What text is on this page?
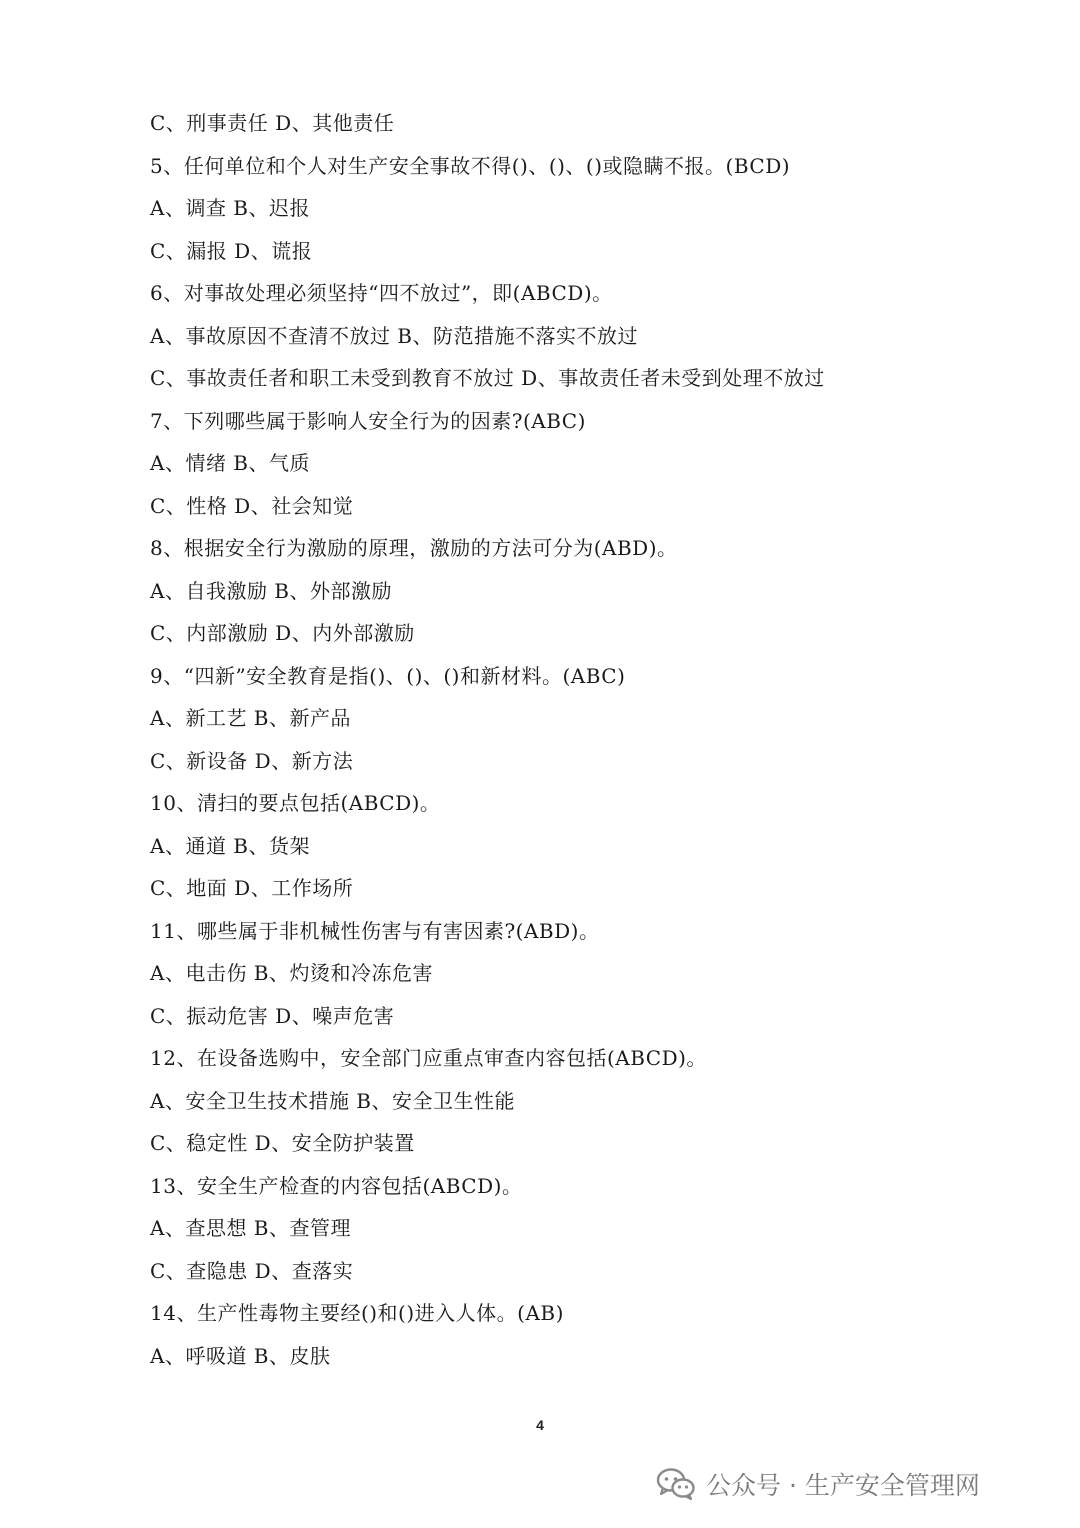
C、刑事责任 D、其他责任
5、任何单位和个人对生产安全事故不得()、()、()或隐瞒不报。(BCD)
A、调查 B、迟报
C、漏报 D、谎报
6、对事故处理必须坚持“四不放过”，即(ABCD)。
A、事故原因不查清不放过 B、防范措施不落实不放过
C、事故责任者和职工未受到教育不放过 D、事故责任者未受到处理不放过
7、下列哪些属于影响人安全行为的因素?(ABC)
A、情绪 B、气质
C、性格 D、社会知觉
8、根据安全行为激励的原理，激励的方法可分为(ABD)。
A、自我激励 B、外部激励
C、内部激励 D、内外部激励
9、“四新”安全教育是指()、()、()和新材料。(ABC)
A、新工艺 B、新产品
C、新设备 D、新方法
10、清扫的要点包括(ABCD)。
A、通道 B、货架
C、地面 D、工作场所
11、哪些属于非机械性伤害与有害因素?(ABD)。
A、电击伤 B、灼烫和冷冻危害
C、振动危害 D、噪声危害
12、在设备选购中，安全部门应重点审查内容包括(ABCD)。
A、安全卫生技术措施 B、安全卫生性能
C、稳定性 D、安全防护装置
13、安全生产检查的内容包括(ABCD)。
A、查思想 B、查管理
C、查隐患 D、查落实
14、生产性毒物主要经()和()进入人体。(AB)
A、呼吸道 B、皮肤
4
公众号 · 生产安全管理网
